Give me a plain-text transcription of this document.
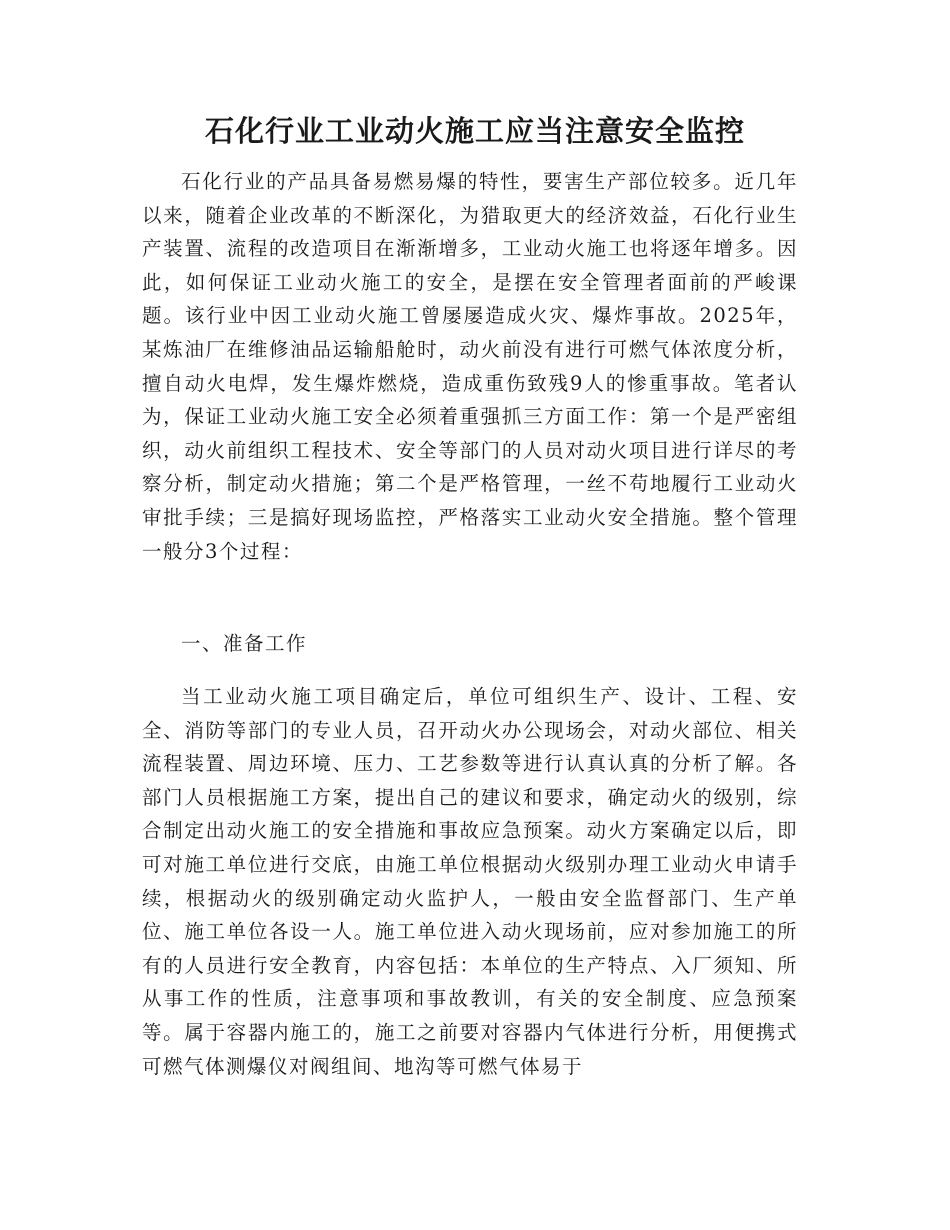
石化行业工业动火施工应当注意安全监控

石化行业的产品具备易燃易爆的特性，要害生产部位较多。近几年以来，随着企业改革的不断深化，为猎取更大的经济效益，石化行业生产装置、流程的改造项目在渐渐增多，工业动火施工也将逐年增多。因此，如何保证工业动火施工的安全，是摆在安全管理者面前的严峻课题。该行业中因工业动火施工曾屡屡造成火灾、爆炸事故。2025年，某炼油厂在维修油品运输船舱时，动火前没有进行可燃气体浓度分析，擅自动火电焊，发生爆炸燃烧，造成重伤致残9人的惨重事故。笔者认为，保证工业动火施工安全必须着重强抓三方面工作：第一个是严密组织，动火前组织工程技术、安全等部门的人员对动火项目进行详尽的考察分析，制定动火措施；第二个是严格管理，一丝不苟地履行工业动火审批手续；三是搞好现场监控，严格落实工业动火安全措施。整个管理一般分3个过程：

一、准备工作

当工业动火施工项目确定后，单位可组织生产、设计、工程、安全、消防等部门的专业人员，召开动火办公现场会，对动火部位、相关流程装置、周边环境、压力、工艺参数等进行认真认真的分析了解。各部门人员根据施工方案，提出自己的建议和要求，确定动火的级别，综合制定出动火施工的安全措施和事故应急预案。动火方案确定以后，即可对施工单位进行交底，由施工单位根据动火级别办理工业动火申请手续，根据动火的级别确定动火监护人，一般由安全监督部门、生产单位、施工单位各设一人。施工单位进入动火现场前，应对参加施工的所有的人员进行安全教育，内容包括：本单位的生产特点、入厂须知、所从事工作的性质，注意事项和事故教训，有关的安全制度、应急预案等。属于容器内施工的，施工之前要对容器内气体进行分析，用便携式可燃气体测爆仪对阀组间、地沟等可燃气体易于
